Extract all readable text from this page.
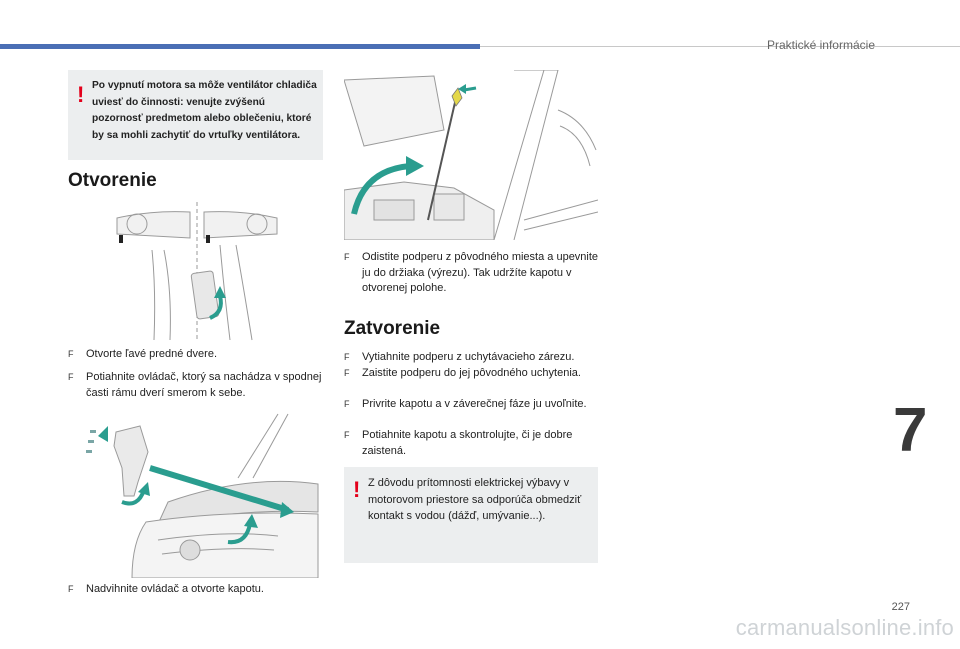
Praktické informácie
7
! Po vypnutí motora sa môže ventilátor chladiča uviesť do činnosti: venujte zvýšenú pozornosť predmetom alebo oblečeniu, ktoré by sa mohli zachytiť do vrtuľky ventilátora.
Otvorenie
F	Otvorte ľavé predné dvere.
F	Potiahnite ovládač, ktorý sa nachádza v spodnej časti rámu dverí smerom k sebe.
F	Nadvihnite ovládač a otvorte kapotu.
F	Odistite podperu z pôvodného miesta a upevnite ju do držiaka (výrezu). Tak udržíte kapotu v otvorenej polohe.
Zatvorenie
F	Vytiahnite podperu z uchytávacieho zárezu.
F	Zaistite podperu do jej pôvodného uchytenia.
F	Privrite kapotu a v záverečnej fáze ju uvoľnite.
F	Potiahnite kapotu a skontrolujte, či je dobre zaistená.
! Z dôvodu prítomnosti elektrickej výbavy v motorovom priestore sa odporúča obmedziť kontakt s vodou (dážď, umývanie...).
227
carmanualsonline.info
